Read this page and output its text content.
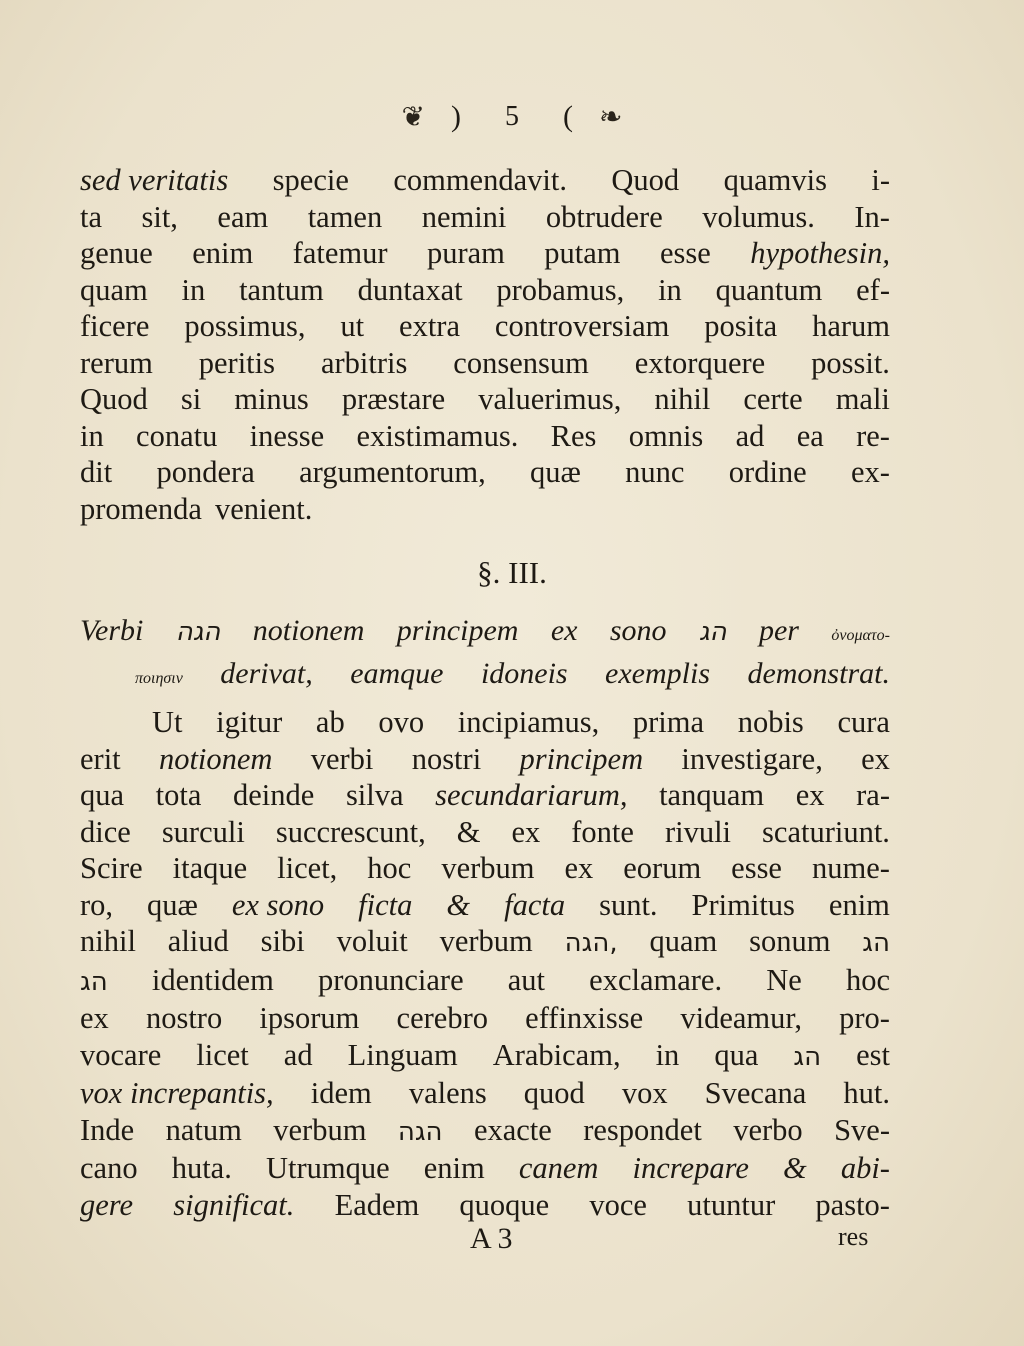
❦ ) 5 ( ❧
sed veritatis specie commendavit. Quod quamvis i-
ta sit, eam tamen nemini obtrudere volumus. In-
genue enim fatemur puram putam esse hypothesin,
quam in tantum duntaxat probamus, in quantum ef-
ficere possimus, ut extra controversiam posita harum
rerum peritis arbitris consensum extorquere possit.
Quod si minus præstare valuerimus, nihil certe mali
in conatu inesse existimamus. Res omnis ad ea re-
dit pondera argumentorum, quæ nunc ordine ex-
promenda venient.
§. III.
Verbi הגה notionem principem ex sono הג per ὀνοματο-
ποιησιν derivat, eamque idoneis exemplis demonstrat.
Ut igitur ab ovo incipiamus, prima nobis cura
erit notionem verbi nostri principem investigare, ex
qua tota deinde silva secundariarum, tanquam ex ra-
dice surculi succrescunt, & ex fonte rivuli scaturiunt.
Scire itaque licet, hoc verbum ex eorum esse nume-
ro, quæ ex sono ficta & facta sunt. Primitus enim
nihil aliud sibi voluit verbum הגה, quam sonum הג
הג identidem pronunciare aut exclamare. Ne hoc
ex nostro ipsorum cerebro effinxisse videamur, pro-
vocare licet ad Linguam Arabicam, in qua הג est
vox increpantis, idem valens quod vox Svecana hut.
Inde natum verbum הגה exacte respondet verbo Sve-
cano huta. Utrumque enim canem increpare & abi-
gere significat. Eadem quoque voce utuntur pasto-
A 3	res
